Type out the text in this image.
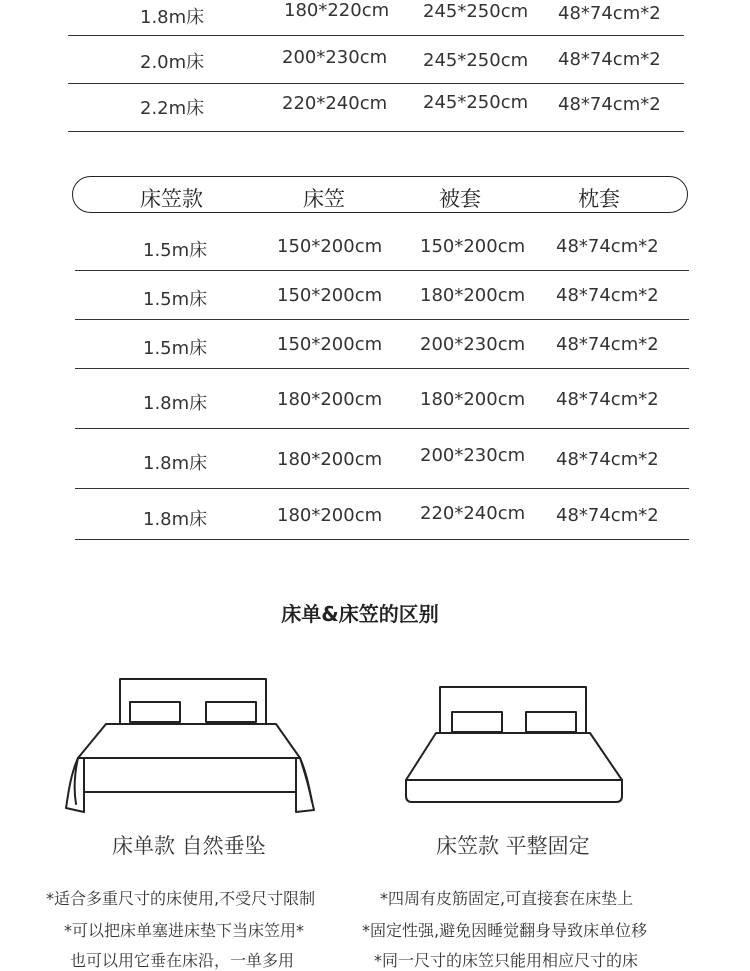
1.8m床	180*220cm 245*250cm 48*74cm*2
2.0m床	200*230cm 245*250cm 48*74cm*2
2.2m床	220*240cm 245*250cm 48*74cm*2
床笠款	床笠	被套	枕套
1.5m床	150*200cm 150*200cm 48*74cm*2
1.5m床	150*200cm 180*200cm 48*74cm*2
1.5m床	150*200cm 200*230cm 48*74cm*2
1.8m床	180*200cm 180*200cm 48*74cm*2
1.8m床	180*200cm 200*230cm 48*74cm*2
1.8m床	180*200cm 220*240cm 48*74cm*2
床单&床笠的区别
床单款 自然垂坠	床笠款 平整固定
*适合多重尺寸的床使用,不受尺寸限制
*可以把床单塞进床垫下当床笠用*
也可以用它垂在床沿，一单多用
*四周有皮筋固定,可直接套在床垫上
*固定性强,避免因睡觉翻身导致床单位移
*同一尺寸的床笠只能用相应尺寸的床
